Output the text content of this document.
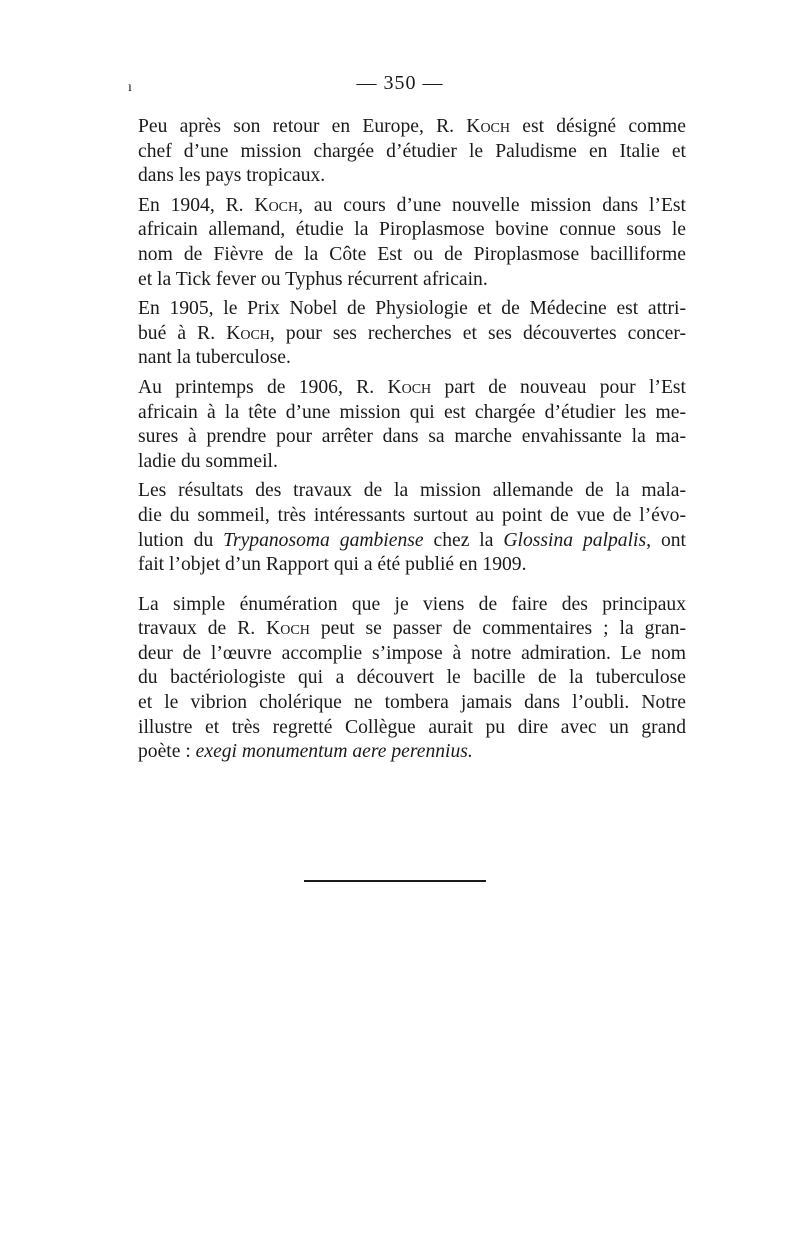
ı	— 350 —
Peu après son retour en Europe, R. Koch est désigné comme
chef d’une mission chargée d’étudier le Paludisme en Italie et
dans les pays tropicaux.
En 1904, R. Koch, au cours d’une nouvelle mission dans l’Est
africain allemand, étudie la Piroplasmose bovine connue sous le
nom de Fièvre de la Côte Est ou de Piroplasmose bacilliforme
et la Tick fever ou Typhus récurrent africain.
En 1905, le Prix Nobel de Physiologie et de Médecine est attri-
bué à R. Koch, pour ses recherches et ses découvertes concer-
nant la tuberculose.
Au printemps de 1906, R. Koch part de nouveau pour l’Est
africain à la tête d’une mission qui est chargée d’étudier les me-
sures à prendre pour arrêter dans sa marche envahissante la ma-
ladie du sommeil.
Les résultats des travaux de la mission allemande de la mala-
die du sommeil, très intéressants surtout au point de vue de l’évo-
lution du Trypanosoma gambiense chez la Glossina palpalis, ont
fait l’objet d’un Rapport qui a été publié en 1909.
La simple énumération que je viens de faire des principaux
travaux de R. Koch peut se passer de commentaires ; la gran-
deur de l’œuvre accomplie s’impose à notre admiration. Le nom
du bactériologiste qui a découvert le bacille de la tuberculose
et le vibrion cholérique ne tombera jamais dans l’oubli. Notre
illustre et très regretté Collègue aurait pu dire avec un grand
poète : exegi monumentum aere perennius.
